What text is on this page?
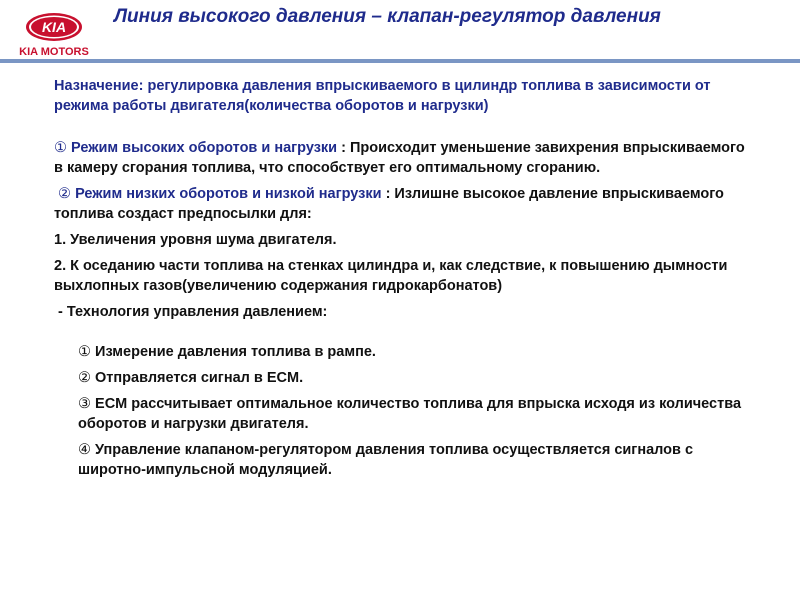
KIA
KIA MOTORS
Линия высокого давления – клапан-регулятор давления
Назначение: регулировка давления впрыскиваемого в цилиндр топлива в зависимости от режима работы двигателя(количества оборотов и нагрузки)
① Режим высоких оборотов и нагрузки : Происходит уменьшение завихрения впрыскиваемого в камеру сгорания топлива, что способствует его оптимальному сгоранию.
② Режим низких оборотов и низкой нагрузки : Излишне высокое давление впрыскиваемого топлива создаст предпосылки для:
1. Увеличения уровня шума двигателя.
2. К оседанию части топлива на стенках цилиндра и, как следствие, к повышению дымности выхлопных газов(увеличению содержания гидрокарбонатов)
- Технология управления давлением:
① Измерение давления топлива в рампе.
② Отправляется сигнал в ECM.
③ ECM рассчитывает оптимальное количество топлива для впрыска исходя из количества оборотов и нагрузки двигателя.
④ Управление клапаном-регулятором давления топлива осуществляется сигналов с широтно-импульсной модуляцией.
